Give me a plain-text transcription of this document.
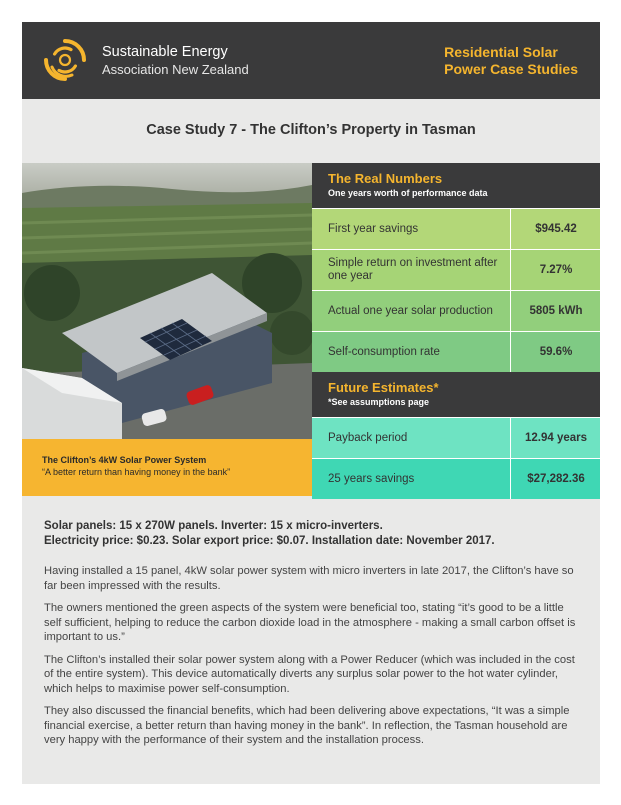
Sustainable Energy
Association New Zealand
Residential Solar
Power Case Studies
Case Study 7 - The Clifton’s Property in Tasman
The Clifton’s 4kW Solar Power System
“A better return than having money in the bank”
The Real Numbers
One years worth of performance data
First year savings	$945.42
Simple return on investment after one year	7.27%
Actual one year solar production	5805 kWh
Self-consumption rate	59.6%
Future Estimates*
*See assumptions page
Payback period	12.94 years
25 years savings	$27,282.36
Solar panels: 15 x 270W panels. Inverter: 15 x micro-inverters.
Electricity price: $0.23. Solar export price: $0.07. Installation date: November 2017.

Having installed a 15 panel, 4kW solar power system with micro inverters in late 2017, the Clifton’s have so far been impressed with the results.

The owners mentioned the green aspects of the system were beneficial too, stating “it’s good to be a little self sufficient, helping to reduce the carbon dioxide load in the atmosphere - making a small carbon offset is important to us.”

The Clifton’s installed their solar power system along with a Power Reducer (which was included in the cost of the entire system). This device automatically diverts any surplus solar power to the hot water cylinder, which helps to maximise power self-consumption.

They also discussed the financial benefits, which had been delivering above expectations, “It was a simple financial exercise, a better return than having money in the bank”. In reflection, the Tasman household are very happy with the performance of their system and the installation process.
